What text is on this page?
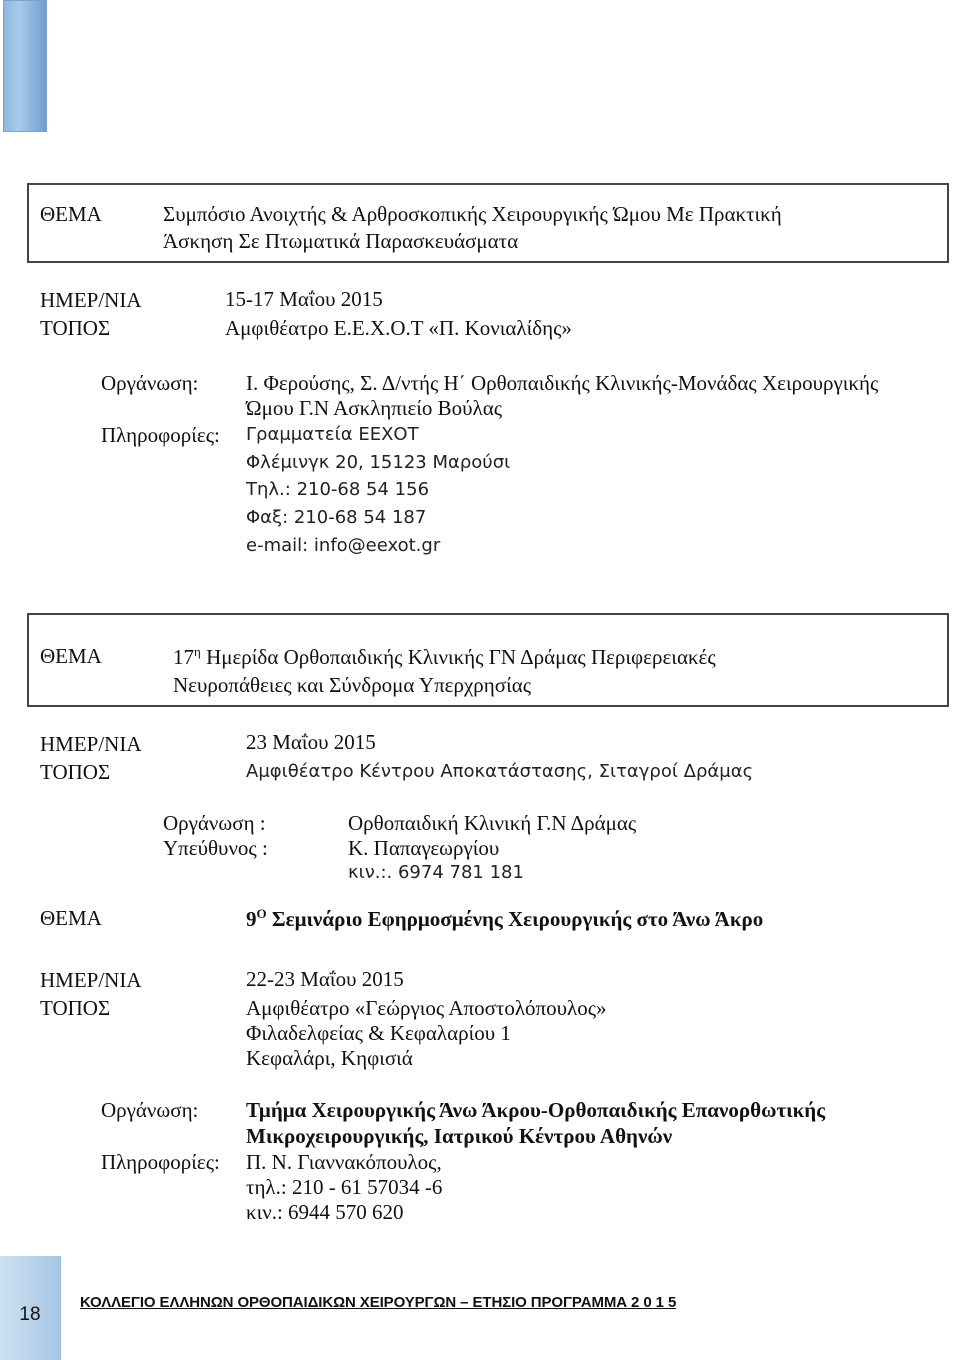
ΘΕΜΑ	Συμπόσιο Ανοιχτής & Αρθροσκοπικής Χειρουργικής Ώμου Με Πρακτική
Άσκηση Σε Πτωματικά Παρασκευάσματα
ΗΜΕΡ/ΝΙΑ	15-17 Μαΐου 2015
ΤΟΠΟΣ	Αμφιθέατρο Ε.Ε.Χ.Ο.Τ «Π. Κονιαλίδης»
Οργάνωση: Ι. Φερούσης, Σ. Δ/ντής Η΄ Ορθοπαιδικής Κλινικής-Μονάδας Χειρουργικής
Ώμου Γ.Ν Ασκληπιείο Βούλας
Πληροφορίες: Γραμματεία ΕΕΧΟΤ
Φλέμινγκ 20, 15123 Μαρούσι
Τηλ.: 210-68 54 156
Φαξ: 210-68 54 187
e-mail: info@eexot.gr
ΘΕΜΑ	$17^\eta$ Ημερίδα Ορθοπαιδικής Κλινικής ΓΝ Δράμας Περιφερειακές
Νευροπάθειες και Σύνδρομα Υπερχρησίας
ΗΜΕΡ/ΝΙΑ	23 Μαΐου 2015
ΤΟΠΟΣ	Αμφιθέατρο Κέντρου Αποκατάστασης, Σιταγροί Δράμας
Οργάνωση :	Ορθοπαιδική Κλινική Γ.Ν Δράμας
Υπεύθυνος :	Κ. Παπαγεωργίου
κιν.:. 6974 781 181
ΘΕΜΑ	$9^O$ Σεμινάριο Εφηρμοσμένης Χειρουργικής στο Άνω Άκρο
ΗΜΕΡ/ΝΙΑ	22-23 Μαΐου 2015
ΤΟΠΟΣ	Αμφιθέατρο «Γεώργιος Αποστολόπουλος»
Φιλαδελφείας & Κεφαλαρίου 1
Κεφαλάρι, Κηφισιά
Οργάνωση: Τμήμα Χειρουργικής Άνω Άκρου-Ορθοπαιδικής Επανορθωτικής
Μικροχειρουργικής, Ιατρικού Κέντρου Αθηνών
Πληροφορίες: Π. Ν. Γιαννακόπουλος,
τηλ.: 210 - 61 57034 -6
κιν.: 6944 570 620
18
ΚΟΛΛΕΓΙΟ ΕΛΛΗΝΩΝ ΟΡΘΟΠΑΙΔΙΚΩΝ ΧΕΙΡΟΥΡΓΩΝ – ΕΤΗΣΙΟ ΠΡΟΓΡΑΜΜΑ 2 0 1 5
